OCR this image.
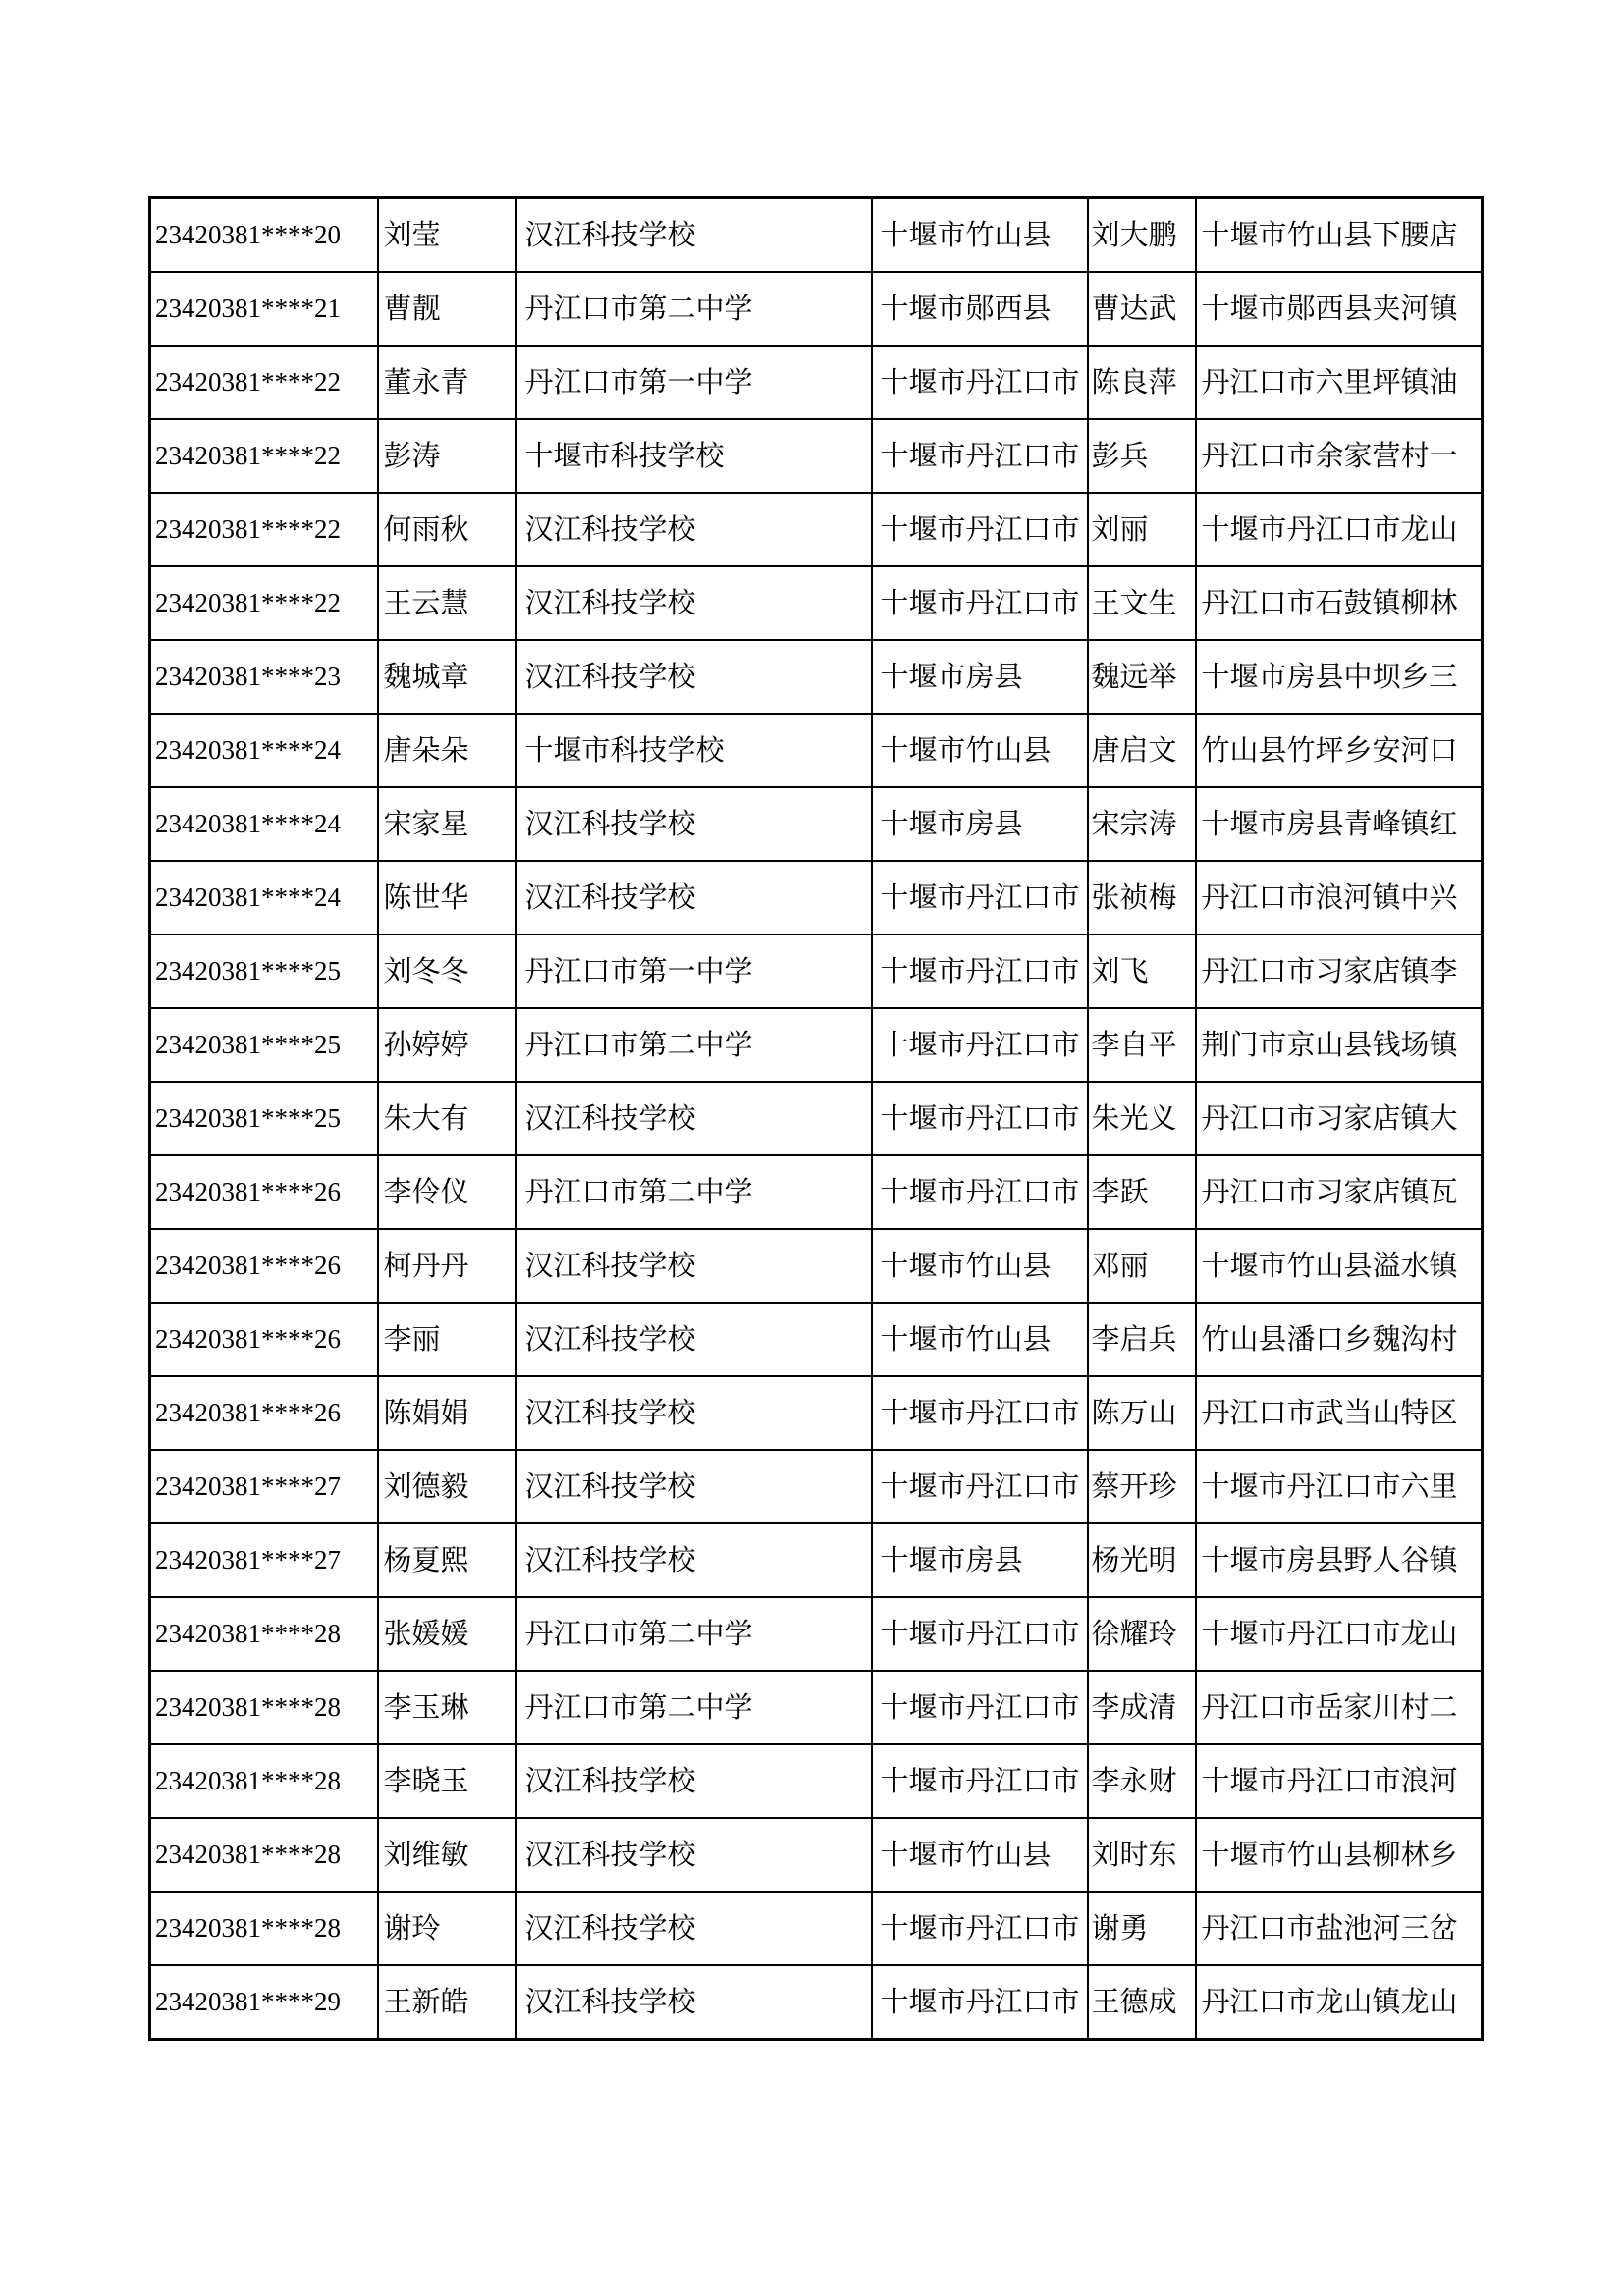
23420381****20	刘莹	汉江科技学校	十堰市竹山县	刘大鹏	十堰市竹山县下腰店
23420381****21	曹靓	丹江口市第二中学	十堰市郧西县	曹达武	十堰市郧西县夹河镇
23420381****22	董永青	丹江口市第一中学	十堰市丹江口市	陈良萍	丹江口市六里坪镇油
23420381****22	彭涛	十堰市科技学校	十堰市丹江口市	彭兵	丹江口市余家营村一
23420381****22	何雨秋	汉江科技学校	十堰市丹江口市	刘丽	十堰市丹江口市龙山
23420381****22	王云慧	汉江科技学校	十堰市丹江口市	王文生	丹江口市石鼓镇柳林
23420381****23	魏城章	汉江科技学校	十堰市房县	魏远举	十堰市房县中坝乡三
23420381****24	唐朵朵	十堰市科技学校	十堰市竹山县	唐启文	竹山县竹坪乡安河口
23420381****24	宋家星	汉江科技学校	十堰市房县	宋宗涛	十堰市房县青峰镇红
23420381****24	陈世华	汉江科技学校	十堰市丹江口市	张祯梅	丹江口市浪河镇中兴
23420381****25	刘冬冬	丹江口市第一中学	十堰市丹江口市	刘飞	丹江口市习家店镇李
23420381****25	孙婷婷	丹江口市第二中学	十堰市丹江口市	李自平	荆门市京山县钱场镇
23420381****25	朱大有	汉江科技学校	十堰市丹江口市	朱光义	丹江口市习家店镇大
23420381****26	李伶仪	丹江口市第二中学	十堰市丹江口市	李跃	丹江口市习家店镇瓦
23420381****26	柯丹丹	汉江科技学校	十堰市竹山县	邓丽	十堰市竹山县溢水镇
23420381****26	李丽	汉江科技学校	十堰市竹山县	李启兵	竹山县潘口乡魏沟村
23420381****26	陈娟娟	汉江科技学校	十堰市丹江口市	陈万山	丹江口市武当山特区
23420381****27	刘德毅	汉江科技学校	十堰市丹江口市	蔡开珍	十堰市丹江口市六里
23420381****27	杨夏熙	汉江科技学校	十堰市房县	杨光明	十堰市房县野人谷镇
23420381****28	张媛媛	丹江口市第二中学	十堰市丹江口市	徐耀玲	十堰市丹江口市龙山
23420381****28	李玉琳	丹江口市第二中学	十堰市丹江口市	李成清	丹江口市岳家川村二
23420381****28	李晓玉	汉江科技学校	十堰市丹江口市	李永财	十堰市丹江口市浪河
23420381****28	刘维敏	汉江科技学校	十堰市竹山县	刘时东	十堰市竹山县柳林乡
23420381****28	谢玲	汉江科技学校	十堰市丹江口市	谢勇	丹江口市盐池河三岔
23420381****29	王新皓	汉江科技学校	十堰市丹江口市	王德成	丹江口市龙山镇龙山
